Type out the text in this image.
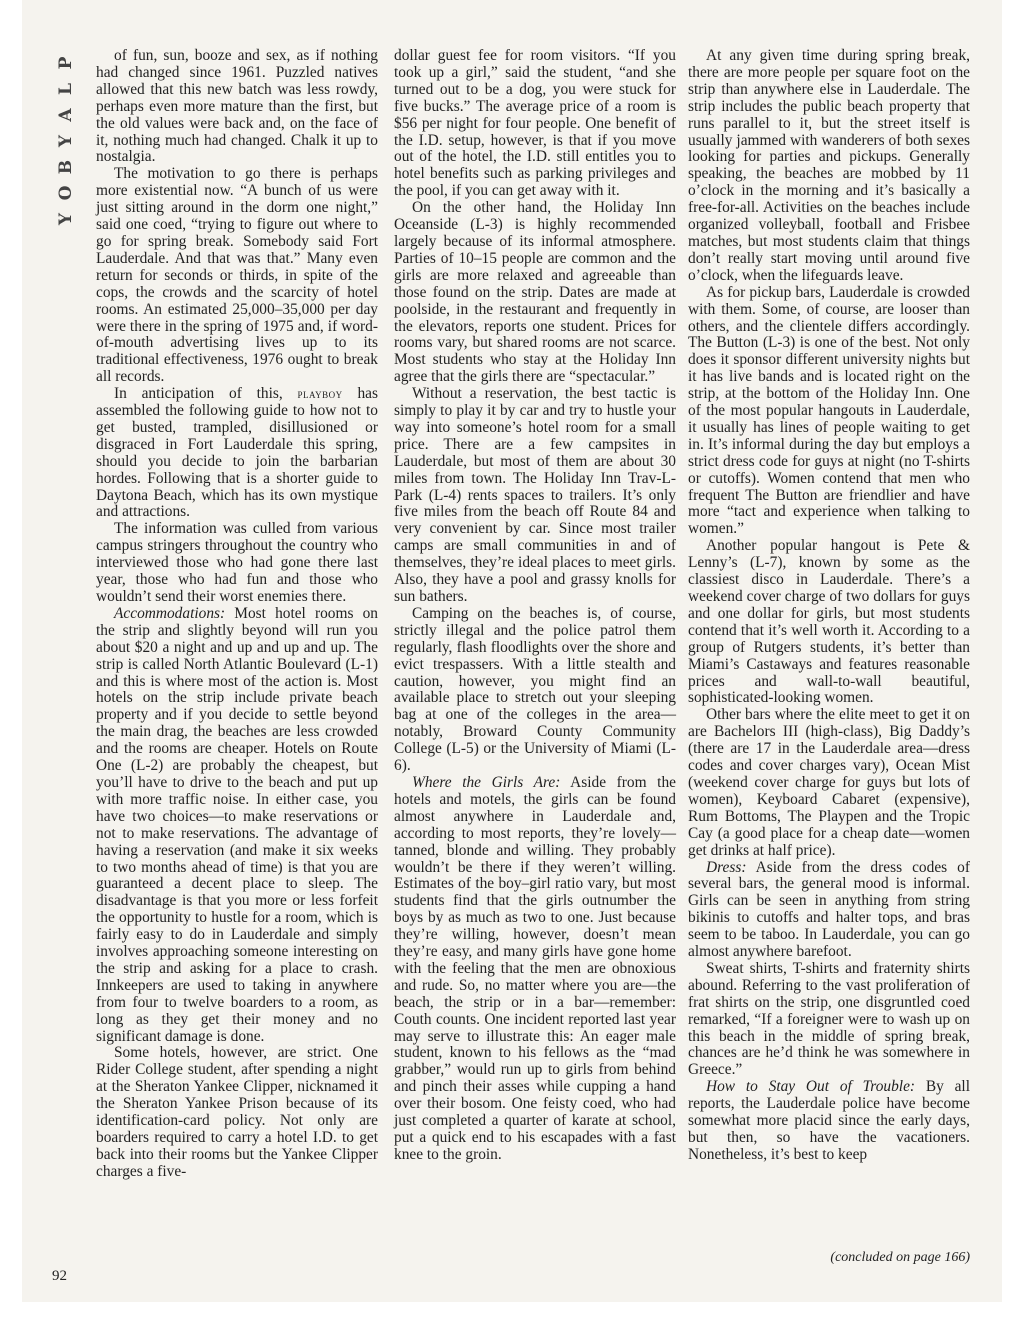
P
L
A
Y
B
O
Y

of fun, sun, booze and sex, as if nothing had changed since 1961. Puzzled natives allowed that this new batch was less rowdy, perhaps even more mature than the first, but the old values were back and, on the face of it, nothing much had changed. Chalk it up to nostalgia.

The motivation to go there is perhaps more existential now. “A bunch of us were just sitting around in the dorm one night,” said one coed, “trying to figure out where to go for spring break. Somebody said Fort Lauderdale. And that was that.” Many even return for seconds or thirds, in spite of the cops, the crowds and the scarcity of hotel rooms. An estimated 25,000–35,000 per day were there in the spring of 1975 and, if word-of-mouth advertising lives up to its traditional effectiveness, 1976 ought to break all records.

In anticipation of this, playboy has assembled the following guide to how not to get busted, trampled, disillusioned or disgraced in Fort Lauderdale this spring, should you decide to join the barbarian hordes. Following that is a shorter guide to Daytona Beach, which has its own mystique and attractions.

The information was culled from various campus stringers throughout the country who interviewed those who had gone there last year, those who had fun and those who wouldn’t send their worst enemies there.

Accommodations: Most hotel rooms on the strip and slightly beyond will run you about $20 a night and up and up and up. The strip is called North Atlantic Boulevard (L-1) and this is where most of the action is. Most hotels on the strip include private beach property and if you decide to settle beyond the main drag, the beaches are less crowded and the rooms are cheaper. Hotels on Route One (L-2) are probably the cheapest, but you’ll have to drive to the beach and put up with more traffic noise. In either case, you have two choices—to make reservations or not to make reservations. The advantage of having a reservation (and make it six weeks to two months ahead of time) is that you are guaranteed a decent place to sleep. The disadvantage is that you more or less forfeit the opportunity to hustle for a room, which is fairly easy to do in Lauderdale and simply involves approaching someone interesting on the strip and asking for a place to crash. Innkeepers are used to taking in anywhere from four to twelve boarders to a room, as long as they get their money and no significant damage is done.

Some hotels, however, are strict. One Rider College student, after spending a night at the Sheraton Yankee Clipper, nicknamed it the Sheraton Yankee Prison because of its identification-card policy. Not only are boarders required to carry a hotel I.D. to get back into their rooms but the Yankee Clipper charges a five-

dollar guest fee for room visitors. “If you took up a girl,” said the student, “and she turned out to be a dog, you were stuck for five bucks.” The average price of a room is $56 per night for four people. One benefit of the I.D. setup, however, is that if you move out of the hotel, the I.D. still entitles you to hotel benefits such as parking privileges and the pool, if you can get away with it.

On the other hand, the Holiday Inn Oceanside (L-3) is highly recommended largely because of its informal atmosphere. Parties of 10–15 people are common and the girls are more relaxed and agreeable than those found on the strip. Dates are made at poolside, in the restaurant and frequently in the elevators, reports one student. Prices for rooms vary, but shared rooms are not scarce. Most students who stay at the Holiday Inn agree that the girls there are “spectacular.”

Without a reservation, the best tactic is simply to play it by car and try to hustle your way into someone’s hotel room for a small price. There are a few campsites in Lauderdale, but most of them are about 30 miles from town. The Holiday Inn Trav-L-Park (L-4) rents spaces to trailers. It’s only five miles from the beach off Route 84 and very convenient by car. Since most trailer camps are small communities in and of themselves, they’re ideal places to meet girls. Also, they have a pool and grassy knolls for sun bathers.

Camping on the beaches is, of course, strictly illegal and the police patrol them regularly, flash floodlights over the shore and evict trespassers. With a little stealth and caution, however, you might find an available place to stretch out your sleeping bag at one of the colleges in the area—notably, Broward County Community College (L-5) or the University of Miami (L-6).

Where the Girls Are: Aside from the hotels and motels, the girls can be found almost anywhere in Lauderdale and, according to most reports, they’re lovely—tanned, blonde and willing. They probably wouldn’t be there if they weren’t willing. Estimates of the boy–girl ratio vary, but most students find that the girls outnumber the boys by as much as two to one. Just because they’re willing, however, doesn’t mean they’re easy, and many girls have gone home with the feeling that the men are obnoxious and rude. So, no matter where you are—the beach, the strip or in a bar—remember: Couth counts. One incident reported last year may serve to illustrate this: An eager male student, known to his fellows as the “mad grabber,” would run up to girls from behind and pinch their asses while cupping a hand over their bosom. One feisty coed, who had just completed a quarter of karate at school, put a quick end to his escapades with a fast knee to the groin.

At any given time during spring break, there are more people per square foot on the strip than anywhere else in Lauderdale. The strip includes the public beach property that runs parallel to it, but the street itself is usually jammed with wanderers of both sexes looking for parties and pickups. Generally speaking, the beaches are mobbed by 11 o’clock in the morning and it’s basically a free-for-all. Activities on the beaches include organized volleyball, football and Frisbee matches, but most students claim that things don’t really start moving until around five o’clock, when the lifeguards leave.

As for pickup bars, Lauderdale is crowded with them. Some, of course, are looser than others, and the clientele differs accordingly. The Button (L-3) is one of the best. Not only does it sponsor different university nights but it has live bands and is located right on the strip, at the bottom of the Holiday Inn. One of the most popular hangouts in Lauderdale, it usually has lines of people waiting to get in. It’s informal during the day but employs a strict dress code for guys at night (no T-shirts or cutoffs). Women contend that men who frequent The Button are friendlier and have more “tact and experience when talking to women.”

Another popular hangout is Pete & Lenny’s (L-7), known by some as the classiest disco in Lauderdale. There’s a weekend cover charge of two dollars for guys and one dollar for girls, but most students contend that it’s well worth it. According to a group of Rutgers students, it’s better than Miami’s Castaways and features reasonable prices and wall-to-wall beautiful, sophisticated-looking women.

Other bars where the elite meet to get it on are Bachelors III (high-class), Big Daddy’s (there are 17 in the Lauderdale area—dress codes and cover charges vary), Ocean Mist (weekend cover charge for guys but lots of women), Keyboard Cabaret (expensive), Rum Bottoms, The Playpen and the Tropic Cay (a good place for a cheap date—women get drinks at half price).

Dress: Aside from the dress codes of several bars, the general mood is informal. Girls can be seen in anything from string bikinis to cutoffs and halter tops, and bras seem to be taboo. In Lauderdale, you can go almost anywhere barefoot.

Sweat shirts, T-shirts and fraternity shirts abound. Referring to the vast proliferation of frat shirts on the strip, one disgruntled coed remarked, “If a foreigner were to wash up on this beach in the middle of spring break, chances are he’d think he was somewhere in Greece.”

How to Stay Out of Trouble: By all reports, the Lauderdale police have become somewhat more placid since the early days, but then, so have the vacationers. Nonetheless, it’s best to keep

92
(concluded on page 166)
